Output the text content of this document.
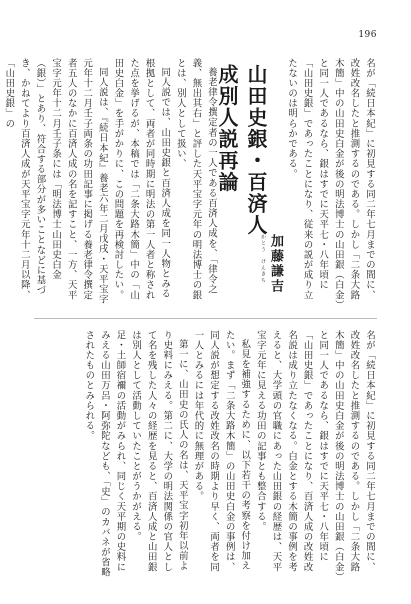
196

名が「続日本紀」に初見する同二年七月までの間に、改姓改名したと推測するのである。しかし「二条大路木簡」中の山田史白金が後の明法博士の山田銀（白金）と同一人であるなら、銀はすでに天平七・八年頃に「山田史銀」であったことになり、従来の説が成り立たないのは明らかである。

山田史銀・百済人成別人説再論
かとう　けんきち 加藤謙吉

養老律令撰定者の一人である百済人成を、「律令之義、無出其右」と評した天平宝字元年の明法博士の銀とは、別人として扱い、

同人説では、山田史銀と百済人成を同一人物とみる根拠として、両者が同時期に明法の第一人者と称された点を挙げるが、本稿では「二条大路木簡」中の「山田史白金」を手がかりに、この問題を再検討したい。

同人説は、『続日本紀』養老六年二月戊戌・天平宝字元年十二月壬子両条の功田記事に掲げる養老律令撰定者五人のなかに百済人成の名を記すこと、一方、天平宝字元年十二月壬子条には「明法博士山田史白金（銀）」とあり、符合する部分が多いことなどに基づき、かねてより百済人成が天平宝字元年十二月以降、「山田史銀」の

名が「続日本紀」に初見する同二年七月までの間に、改姓改名したと推測するのである。しかし「二条大路木簡」中の山田史白金が後の明法博士の山田銀（白金）と同一人であるなら、銀はすでに天平七・八年頃に「山田史銀」であったことになり、百済人成の改姓改名説は成り立たなくなる。白金とする木簡の事例を考えると、大学頭の官職にあった山田銀の経歴は、天平宝字元年に見える功田の記事とも整合する。

私見を補強するために、以下若干の考察を付け加えたい。まず「二条大路木簡」の山田史白金の事例は、同人説が想定する改姓改名の時期より早く、両者を同一人とみるには年代的に無理がある。

第一に、山田史の氏人の名は、天平宝字初年以前より史料にみえる。第二に、大学の明法関係の官人として名を残した人々の経歴を見ると、百済人成と山田銀は別人として活動していたことがうかがえる。

足・土師宿禰の活動がみられ、同じく天平期の史料にみえる山田万呂・阿弥陀なども、「史」のカバネが省略されたものとみられる。
